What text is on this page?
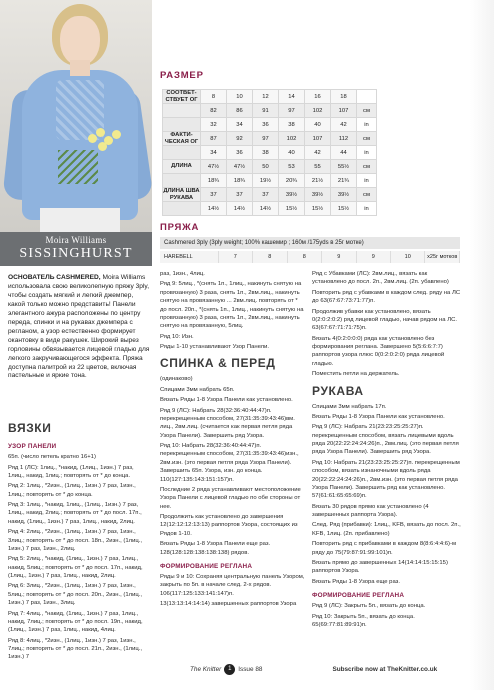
Moira Williams
SISSINGHURST
РАЗМЕР
СООТВЕТ-СТВУЕТ ОГ	8	10	12	14	16	18	
	82	86	91	97	102	107	см
	32	34	36	38	40	42	in
ФАКТИ-ЧЕСКАЯ ОГ	87	92	97	102	107	112	см
	34	36	38	40	42	44	in
ДЛИНА	47½	47½	50	53	55	55½	см
	18¾	18¾	19½	20¾	21½	21¾	in
ДЛИНА ШВА РУКАВА	37	37	37	39½	39½	39½	см
	14½	14½	14½	15½	15½	15½	in
ПРЯЖА
Cashmered 3ply (3ply weight; 100% кашемир ; 160м /175yds в 25г мотке)
HAREBELL	7	8	8	9	9	10	x25г мотков
ОСНОВАТЕЛЬ CASHMERED, Moira Williams использовала свою великолепную пряжу 3ply, чтобы создать мягкий и легкий джемпер, какой только можно представить! Панели элегантного ажура расположены по центру переда, спинки и на рукавах джемпера с регланом, а узор естественно формирует окантовку в виде ракушек. Широкий вырез горловины обвязывается лицевой гладью для легкого закручивающегося эффекта. Пряжа доступна палитрой из 22 цветов, включая пастельные и яркие тона.
ВЯЗКИ
УЗОР ПАНЕЛИ

65п. (число петель кратно 16+1)

Ряд 1 (ЛС): 1лиц., *накид, (1лиц., 1изн.) 7 раз, 1лиц., накид, 1лиц.; повторять от * до конца.

Ряд 2: 1лиц., *2изн., (1лиц., 1изн.) 7 раз, 1изн., 1лиц.; повторять от * до конца.

Ряд 3: 1лиц., *накид, 1лиц., (1лиц., 1изн.) 7 раз, 1лиц., накид, 2лиц.; повторять от * до посл. 17п., накид, (1лиц., 1изн.) 7 раз, 1лиц., накид, 2лиц.

Ряд 4: 2лиц., *2изн., (1лиц., 1изн.) 7 раз, 1изн., 3лиц.; повторять от * до посл. 18п., 2изн., (1лиц., 1изн.) 7 раз, 1изн., 2лиц.

Ряд 5: 2лиц., *накид, (1лиц., 1изн.) 7 раз, 1лиц., накид, 5лиц.; повторять от * до посл. 17п., накид, (1лиц., 1изн.) 7 раз, 1лиц., накид, 2лиц.

Ряд 6: 3лиц., *2изн., (1лиц., 1изн.) 7 раз, 1изн., 5лиц.; повторять от * до посл. 20п., 2изн., (1лиц., 1изн.) 7 раз, 1изн., 3лиц.

Ряд 7: 4лиц., *накид, (1лиц., 1изн.) 7 раз, 1лиц., накид, 7лиц.; повторять от * до посл. 19п., накид, (1лиц., 1изн.) 7 раз, 1лиц., накид, 4лиц.

Ряд 8: 4лиц., *2изн., (1лиц., 1изн.) 7 раз, 1изн., 7лиц.; повторять от * до посл. 21п., 2изн., (1лиц., 1изн.) 7

раз, 1изн., 4лиц.

Ряд 9: 5лиц., *(снять 1п., 1лиц., накинуть снятую на провязанную) 3 раза, снять 1п., 2вм.лиц., накинуть снятую на провязанную ... 2вм.лиц. повторять от * до посл. 20п., *(снять 1п., 1лиц., накинуть снятую на провязанную) 3 раза, снять 1п., 2вм.лиц., накинуть снятую на провязанную, 5лиц.

Ряд 10: Изн.

Ряды 1-10 устанавливают Узор Панели.

СПИНКА & ПЕРЕД

(одинаково)

Спицами 3мм набрать 65п.

Вязать Ряды 1-8 Узора Панели как установлено.

Ряд 9 (ЛС): Набрать 28(32:36:40:44:47)п. перекрещенным способом, 27(31:35:39:43:46)вм. лиц., 2вм.лиц. (считается как первая петля ряда Узора Панели). Завершить ряд Узора.

Ряд 10: Набрать 28(32:36:40:44:47)п. перекрещенным способом, 27(31:35:39:43:46)изн., 2вм.изн. (это первая петля ряда Узора Панели). Завершить 65п. Узора, изн. до конца. 110(127:135:143:151:157)п.

Последние 2 ряда устанавливают местоположение Узора Панели с лицевой гладью по обе стороны от нее.

Продолжить как установлено до завершения 12(12:12:12:13:13) раппортов Узора, состоящих из Рядов 1-10.

Вязать Ряды 1-8 Узора Панели еще раз. 128(128:128:138:138:138) рядов.

ФОРМИРОВАНИЕ РЕГЛАНА

Ряды 9 и 10: Сохраняя центральную панель Узором, закрыть по 5п. в начале след. 2-х рядов. 106(117:125:133:141:147)п.

13(13:13:14:14:14) завершенных раппортов Узора

Ряд с Убавками (ЛС): 2вм.лиц., вязать как установлено до посл. 2п., 2вм.лиц. (2п. убавлено)

Повторить ряд с убавками в каждом след. ряду на ЛС до 63(67:67:73:71:77)п.

Продолжив убавки как установлено, вязать 0(2:0:2:0:2) ряд лицевой гладью, начав рядом на ЛС. 63(67:67:71:71:75)п.

Вязать 4(0:2:0:0:0) ряда как установлено без формирования реглана. Завершено 5(5:6:6:7:7) раппортов узора плюс 0(0:2:0:2:0) ряда лицевой гладью.

Поместить петли на держатель.

РУКАВА

Спицами 3мм набрать 17п.

Вязать Ряды 1-8 Узора Панели как установлено.

Ряд 9 (ЛС): Набрать 21(23:23:25:25:27)п. перекрещенным способом, вязать лицевыми вдоль ряда 20(22:22:24:24:26)п., 2вм.лиц. (это первая петля ряда Узора Панели). Завершить ряд Узора.

Ряд 10: Набрать 21(23:23:25:25:27)п. перекрещенным способом, вязать изнаночными вдоль ряда 20(22:22:24:24:26)п., 2вм.изн. (это первая петля ряда Узора Панели). Завершить ряд как установлено. 57(61:61:65:65:69)п.

Вязать 30 рядов прямо как установлено (4 завершенных раппорта Узора).

След. Ряд (прибавки): 1лиц., KFB, вязать до посл. 2п., KFB, 1лиц. (2п. прибавлено)

Повторить ряд с прибавками в каждом 8(8:6:4:4:6)-м ряду до 75(79:87:91:99:101)п.

Вязать прямо до завершенных 14(14:14:15:15:15) раппортов Узора.

Вязать Ряды 1-8 Узора еще раз.

ФОРМИРОВАНИЕ РЕГЛАНА

Ряд 9 (ЛС): Закрыть 5п., вязать до конца.

Ряд 10: Закрыть 5п., вязать до конца. 65(69:77:81:89:91)п.

The Knitter	1	Issue 88	Subscribe now at TheKnitter.co.uk
